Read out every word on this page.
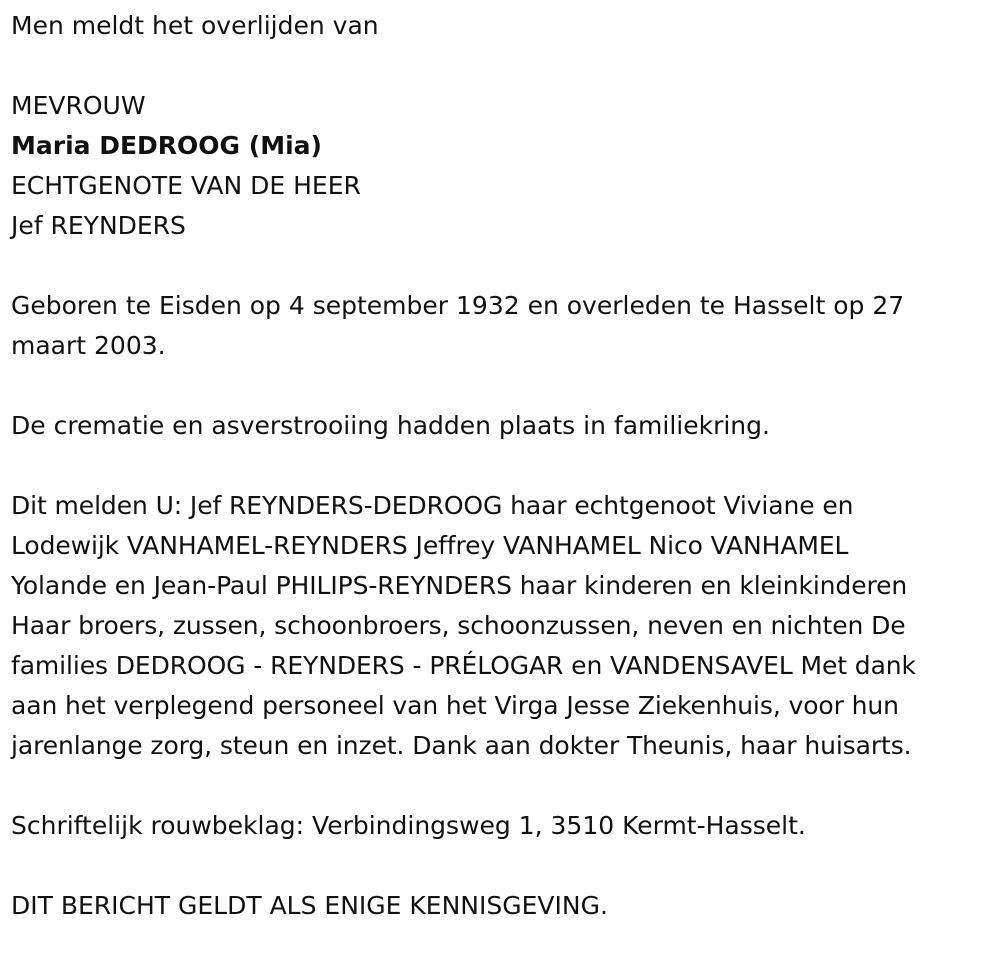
Men meldt het overlijden van

MEVROUW

Maria DEDROOG (Mia)

ECHTGENOTE VAN DE HEER

Jef REYNDERS

Geboren te Eisden op 4 september 1932 en overleden te Hasselt op 27

maart 2003.

De crematie en asverstrooiing hadden plaats in familiekring.

Dit melden U: Jef REYNDERS-DEDROOG haar echtgenoot Viviane en

Lodewijk VANHAMEL-REYNDERS Jeffrey VANHAMEL Nico VANHAMEL

Yolande en Jean-Paul PHILIPS-REYNDERS haar kinderen en kleinkinderen

Haar broers, zussen, schoonbroers, schoonzussen, neven en nichten De

families DEDROOG - REYNDERS - PRÉLOGAR en VANDENSAVEL Met dank

aan het verplegend personeel van het Virga Jesse Ziekenhuis, voor hun

jarenlange zorg, steun en inzet. Dank aan dokter Theunis, haar huisarts.

Schriftelijk rouwbeklag: Verbindingsweg 1, 3510 Kermt-Hasselt.

DIT BERICHT GELDT ALS ENIGE KENNISGEVING.
